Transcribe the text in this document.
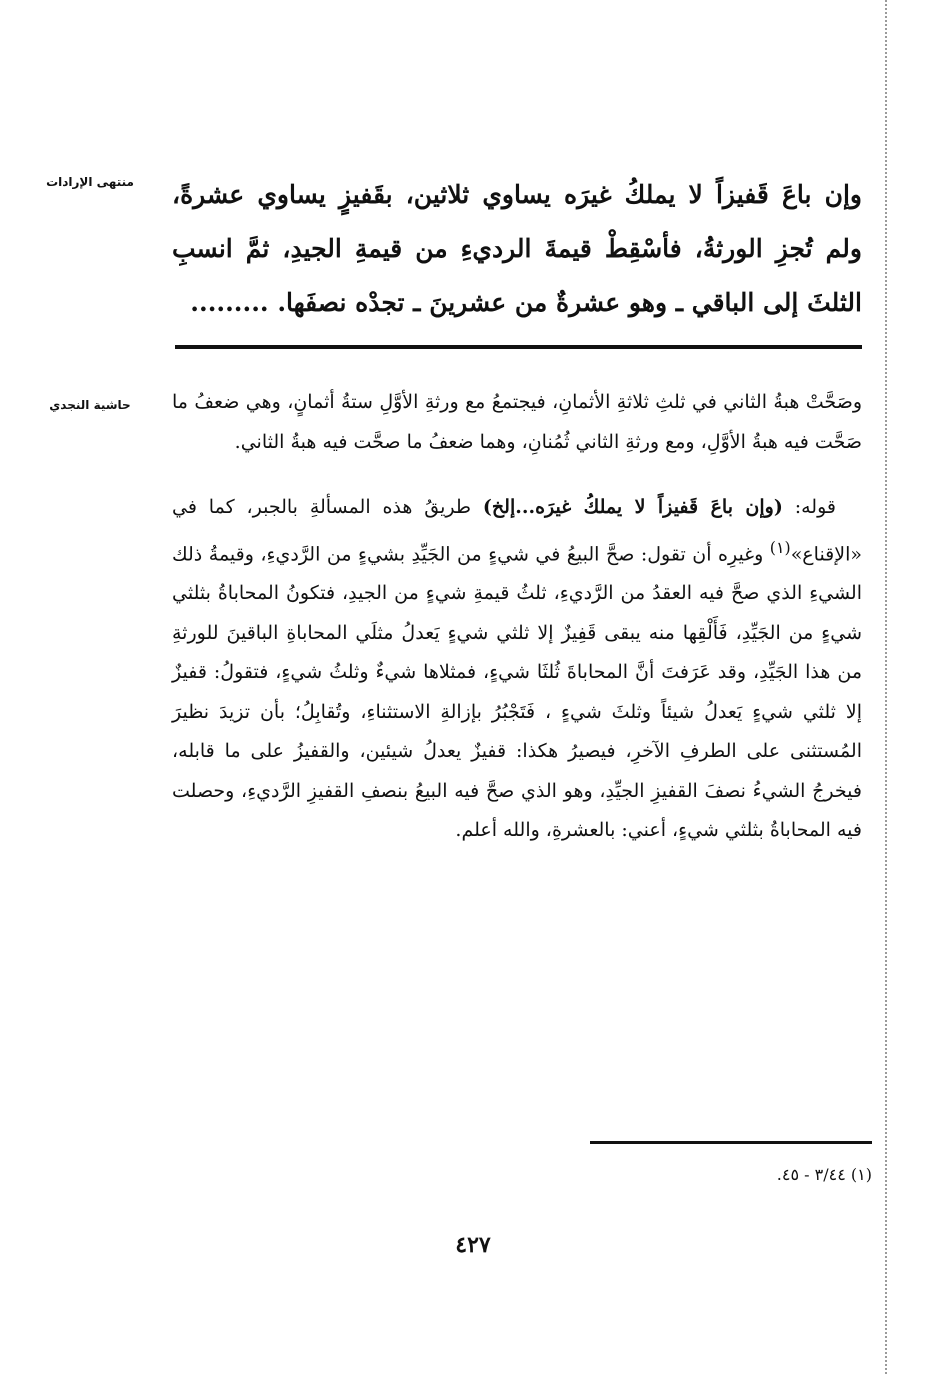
منتهى الإرادات	وإن باعَ قَفيزاً لا يملكُ غيرَه يساوي ثلاثين، بقَفيزٍ يساوي عشرةً، ولم تُجزِ الورثةُ، فأسْقِطْ قيمةَ الرديءِ من قيمةِ الجيدِ، ثمَّ انسبِ الثلثَ إلى الباقي ـ وهو عشرةٌ من عشرينَ ـ تجدْه نصفَها. .........

حاشية النجدي	وصَحَّتْ هبةُ الثاني في ثلثِ ثلاثةِ الأثمانِ، فيجتمعُ مع ورثةِ الأوَّلِ ستةُ أثمانٍ، وهي ضعفُ ما صَحَّت فيه هبةُ الأوَّلِ، ومع ورثةِ الثاني ثُمُنانِ، وهما ضعفُ ما صحَّت فيه هبةُ الثاني.

قوله: (وإن باعَ قَفيزاً لا يملكُ غيرَه...إلخ) طريقُ هذه المسألةِ بالجبر، كما في «الإقناع»$^{(١)}$ وغيرِه أن تقول: صحَّ البيعُ في شيءٍ من الجَيِّدِ بشيءٍ من الرَّديءِ، وقيمةُ ذلك الشيءِ الذي صحَّ فيه العقدُ من الرَّديءِ، ثلثُ قيمةِ شيءٍ من الجيدِ، فتكونُ المحاباةُ بثلثي شيءٍ من الجَيِّدِ، فَأَلْقِها منه يبقى قَفِيزٌ إلا ثلثي شيءٍ يَعدلُ مثلَي المحاباةِ الباقينَ للورثةِ من هذا الجَيِّدِ، وقد عَرَفتَ أنَّ المحاباةَ ثُلثَا شيءٍ، فمثلاها شيءٌ وثلثُ شيءٍ، فتقولُ: قفيزٌ إلا ثلثي شيءٍ يَعدلُ شيئاً وثلثَ شيءٍ ، فَتَجْبُرُ بإزالةِ الاستثناءِ، وتُقابِلُ؛ بأن تزيدَ نظيرَ المُستثنى على الطرفِ الآخرِ، فيصيرُ هكذا: قفيزٌ يعدلُ شيئين، والقفيزُ على ما قابله، فيخرجُ الشيءُ نصفَ القفيزِ الجيِّدِ، وهو الذي صحَّ فيه البيعُ بنصفِ القفيزِ الرَّديءِ، وحصلت فيه المحاباةُ بثلثي شيءٍ، أعني: بالعشرةِ، والله أعلم.

(١) ٣/٤٤ - ٤٥.
٤٢٧
